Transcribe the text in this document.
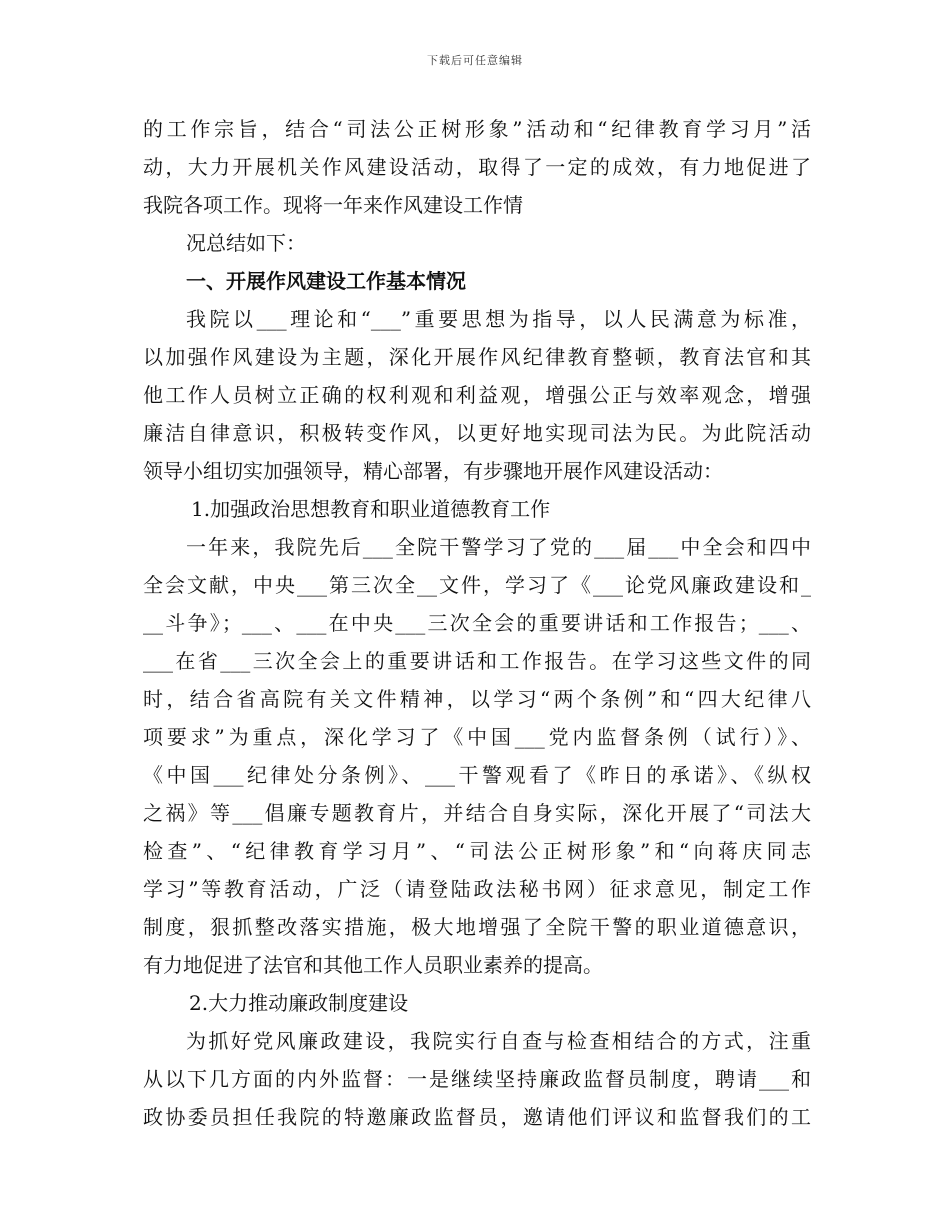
下载后可任意编辑
的工作宗旨，结合“司法公正树形象”活动和“纪律教育学习月”活
动，大力开展机关作风建设活动，取得了一定的成效，有力地促进了
我院各项工作。现将一年来作风建设工作情
况总结如下：
一、开展作风建设工作基本情况
我院以___理论和“___”重要思想为指导，以人民满意为标准，
以加强作风建设为主题，深化开展作风纪律教育整顿，教育法官和其
他工作人员树立正确的权利观和利益观，增强公正与效率观念，增强
廉洁自律意识，积极转变作风，以更好地实现司法为民。为此院活动
领导小组切实加强领导，精心部署，有步骤地开展作风建设活动：
1.加强政治思想教育和职业道德教育工作
一年来，我院先后___全院干警学习了党的___届___中全会和四中
全会文献，中央___第三次全__文件，学习了《___论党风廉政建设和_
__斗争》；___、___在中央___三次全会的重要讲话和工作报告；___、
___在省___三次全会上的重要讲话和工作报告。在学习这些文件的同
时，结合省高院有关文件精神，以学习“两个条例”和“四大纪律八
项要求”为重点，深化学习了《中国___党内监督条例（试行）》、
《中国___纪律处分条例》、___干警观看了《昨日的承诺》、《纵权
之祸》等___倡廉专题教育片，并结合自身实际，深化开展了“司法大
检查”、“纪律教育学习月”、“司法公正树形象”和“向蒋庆同志
学习”等教育活动，广泛（请登陆政法秘书网）征求意见，制定工作
制度，狠抓整改落实措施，极大地增强了全院干警的职业道德意识，
有力地促进了法官和其他工作人员职业素养的提高。
2.大力推动廉政制度建设
为抓好党风廉政建设，我院实行自查与检查相结合的方式，注重
从以下几方面的内外监督：一是继续坚持廉政监督员制度，聘请___和
政协委员担任我院的特邀廉政监督员，邀请他们评议和监督我们的工
